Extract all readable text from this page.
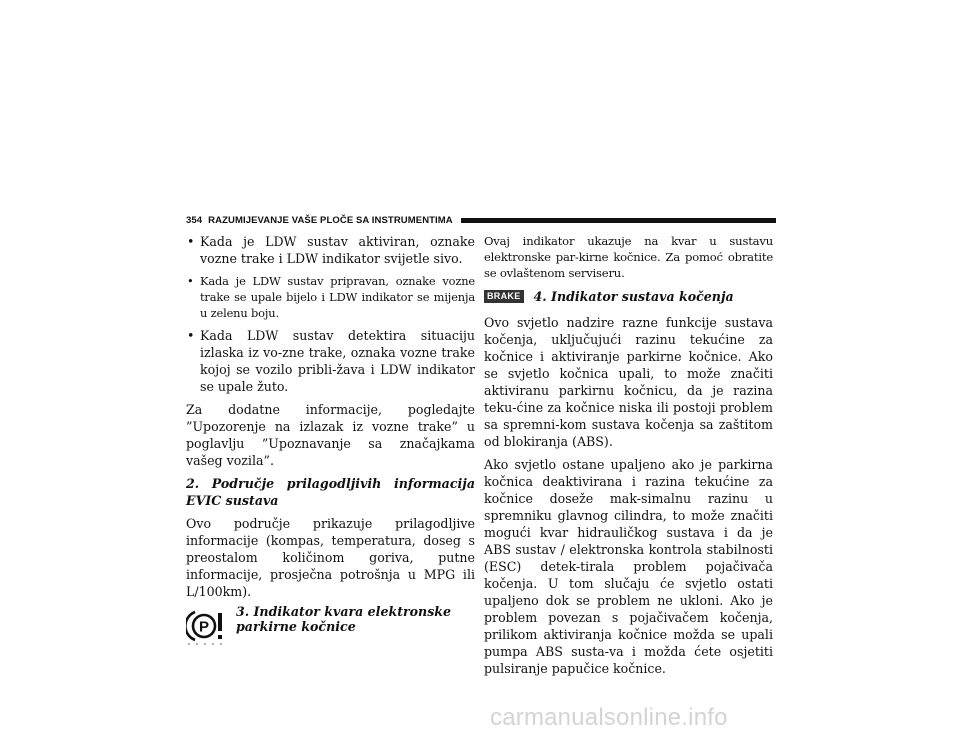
354 RAZUMIJEVANJE VAŠE PLOČE SA INSTRUMENTIMA
• Kada je LDW sustav aktiviran, oznake vozne trake i LDW indikator svijetle sivo.
• Kada je LDW sustav pripravan, oznake vozne trake se upale bijelo i LDW indikator se mijenja u zelenu boju.
• Kada LDW sustav detektira situaciju izlaska iz vo-zne trake, oznaka vozne trake kojoj se vozilo pribli-žava i LDW indikator se upale žuto.

Za dodatne informacije, pogledajte ”Upozorenje na izlazak iz vozne trake” u poglavlju ”Upoznavanje sa značajkama vašeg vozila”.

2. Područje prilagodljivih informacija EVIC sustava

Ovo područje prikazuje prilagodljive informacije (kompas, temperatura, doseg s preostalom količinom goriva, putne informacije, prosječna potrošnja u MPG ili L/100km).

P
3. Indikator kvara elektronske parkirne kočnice

Ovaj indikator ukazuje na kvar u sustavu elektronske par-kirne kočnice. Za pomoć obratite se ovlaštenom serviseru.

BRAKE 4. Indikator sustava kočenja

Ovo svjetlo nadzire razne funkcije sustava kočenja, uključujući razinu tekućine za kočnice i aktiviranje parkirne kočnice. Ako se svjetlo kočnica upali, to može značiti aktiviranu parkirnu kočnicu, da je razina teku-ćine za kočnice niska ili postoji problem sa spremni-kom sustava kočenja sa zaštitom od blokiranja (ABS).

Ako svjetlo ostane upaljeno ako je parkirna kočnica deaktivirana i razina tekućine za kočnice doseže mak-simalnu razinu u spremniku glavnog cilindra, to može značiti mogući kvar hidrauličkog sustava i da je ABS sustav / elektronska kontrola stabilnosti (ESC) detek-tirala problem pojačivača kočenja. U tom slučaju će svjetlo ostati upaljeno dok se problem ne ukloni. Ako je problem povezan s pojačivačem kočenja, prilikom aktiviranja kočnice možda se upali pumpa ABS susta-va i možda ćete osjetiti pulsiranje papučice kočnice.

carmanualsonline.info
